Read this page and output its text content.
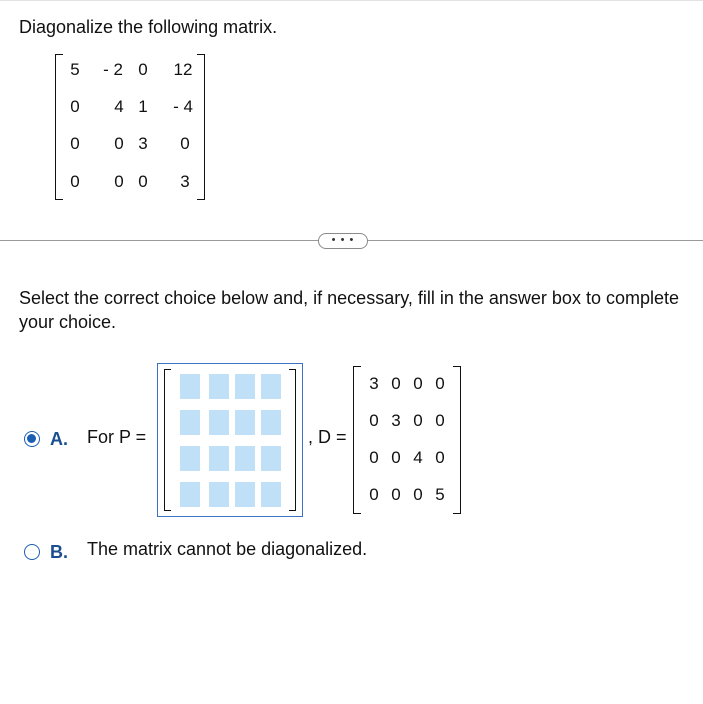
Diagonalize the following matrix.
5	- 2 0	12
0	4 1	- 4
0	0 3	0
0	0 0	3
• • •
Select the correct choice below and, if necessary, fill in the answer box to complete your choice.
A. For P =	, D =
3 0 0 0
0 3 0 0
0 0 4 0
0 0 0 5
B. The matrix cannot be diagonalized.
